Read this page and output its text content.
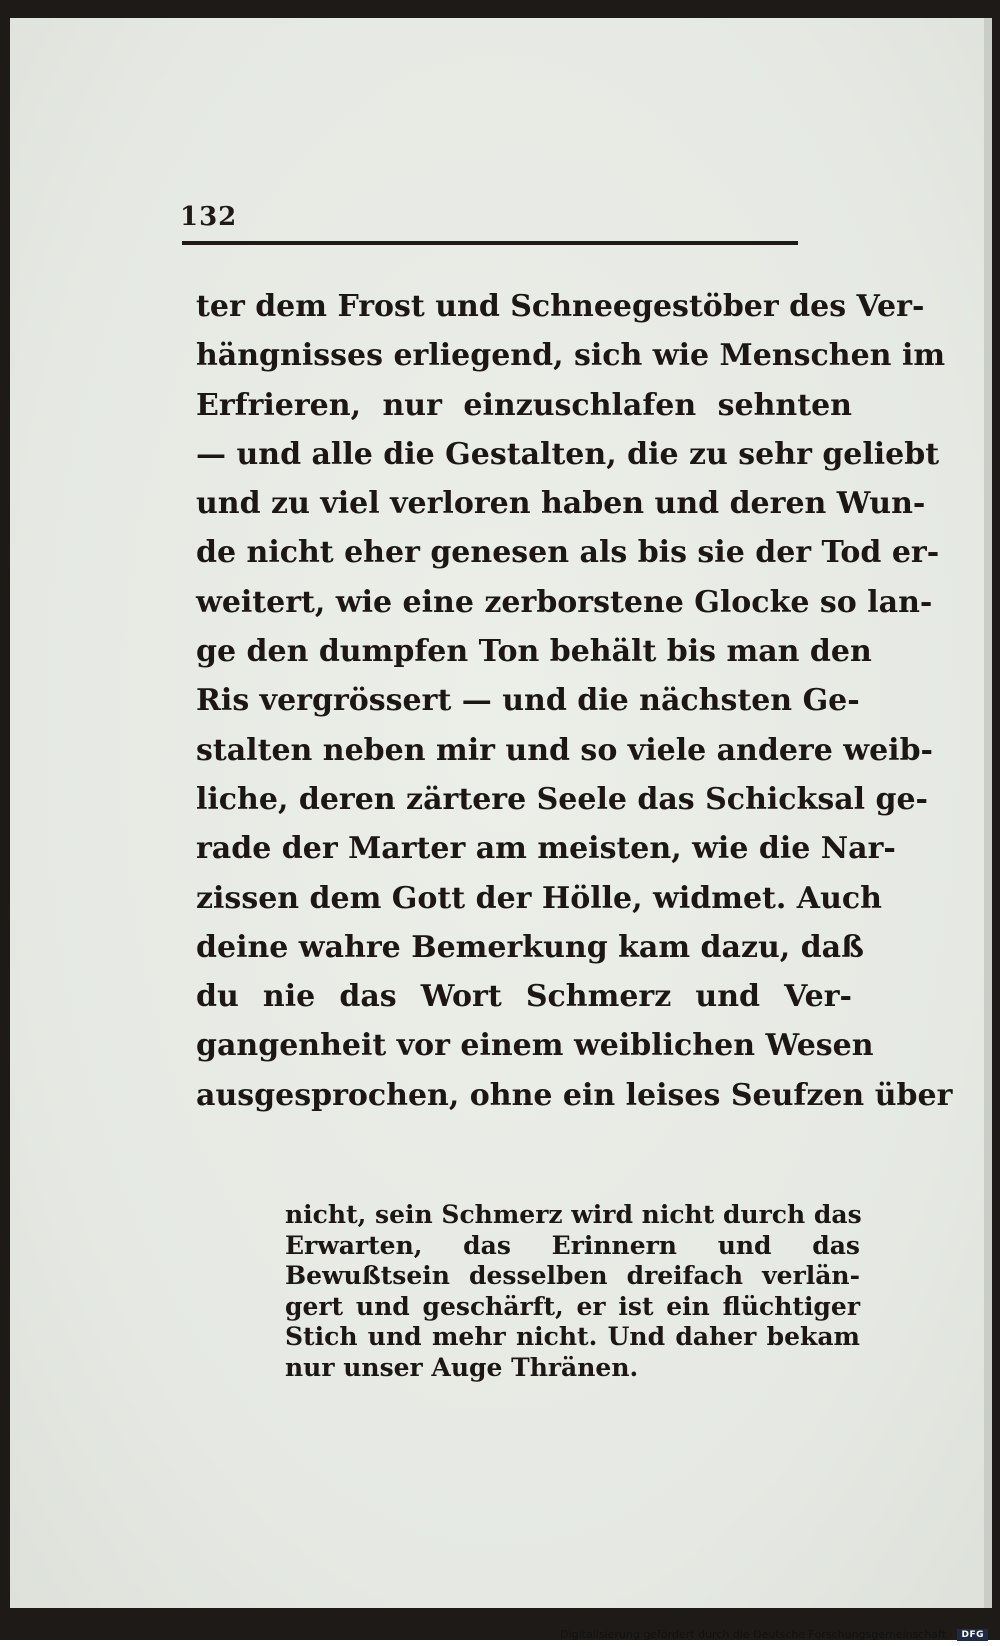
132
ter dem Frost und Schneegestöber des Ver-
hängnisses erliegend, sich wie Menschen im
Erfrieren, nur einzuschlafen sehnten
— und alle die Gestalten, die zu sehr geliebt
und zu viel verloren haben und deren Wun-
de nicht eher genesen als bis sie der Tod er-
weitert, wie eine zerborstene Glocke so lan-
ge den dumpfen Ton behält bis man den
Ris vergrössert — und die nächsten Ge-
stalten neben mir und so viele andere weib-
liche, deren zärtere Seele das Schicksal ge-
rade der Marter am meisten, wie die Nar-
zissen dem Gott der Hölle, widmet. Auch
deine wahre Bemerkung kam dazu, daß
du nie das Wort Schmerz und Ver-
gangenheit vor einem weiblichen Wesen
ausgesprochen, ohne ein leises Seufzen über
nicht, sein Schmerz wird nicht durch das
Erwarten, das Erinnern und das
Bewußtsein desselben dreifach verlän-
gert und geschärft, er ist ein flüchtiger
Stich und mehr nicht. Und daher bekam
nur unser Auge Thränen.
Digitalisierung gefördert durch die Deutsche Forschungsgemeinschaft - DFG
